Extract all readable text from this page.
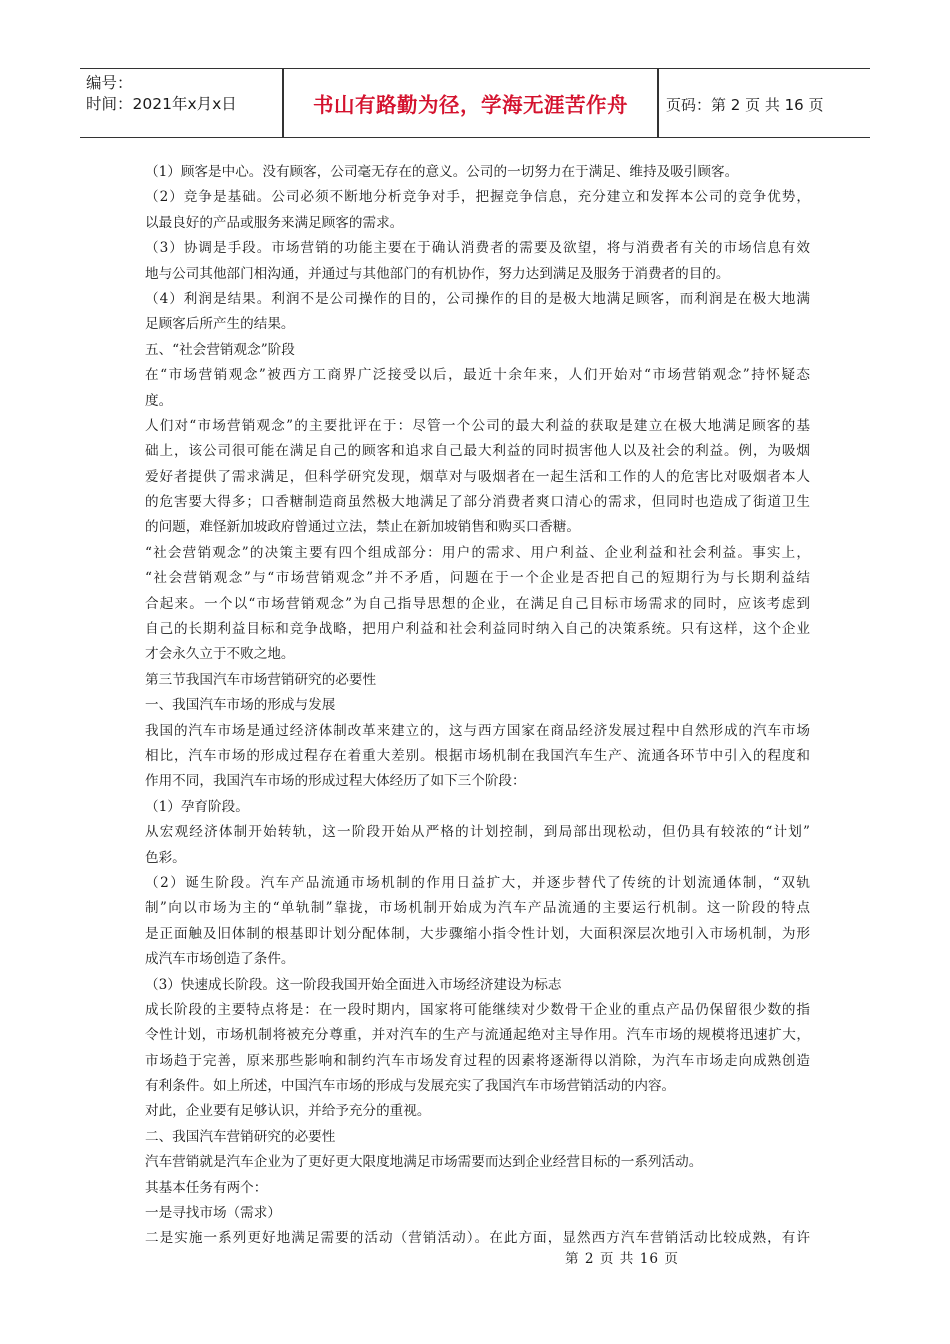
编号：
时间：2021年x月x日	书山有路勤为径，学海无涯苦作舟	页码：第 2 页 共 16 页
（1）顾客是中心。没有顾客，公司毫无存在的意义。公司的一切努力在于满足、维持及吸引顾客。
（2）竞争是基础。公司必须不断地分析竞争对手，把握竞争信息，充分建立和发挥本公司的竞争优势，
以最良好的产品或服务来满足顾客的需求。
（3）协调是手段。市场营销的功能主要在于确认消费者的需要及欲望，将与消费者有关的市场信息有效
地与公司其他部门相沟通，并通过与其他部门的有机协作，努力达到满足及服务于消费者的目的。
（4）利润是结果。利润不是公司操作的目的，公司操作的目的是极大地满足顾客，而利润是在极大地满
足顾客后所产生的结果。
五、“社会营销观念”阶段
在“市场营销观念”被西方工商界广泛接受以后，最近十余年来，人们开始对“市场营销观念”持怀疑态
度。
人们对“市场营销观念”的主要批评在于：尽管一个公司的最大利益的获取是建立在极大地满足顾客的基
础上，该公司很可能在满足自己的顾客和追求自己最大利益的同时损害他人以及社会的利益。例，为吸烟
爱好者提供了需求满足，但科学研究发现，烟草对与吸烟者在一起生活和工作的人的危害比对吸烟者本人
的危害要大得多；口香糖制造商虽然极大地满足了部分消费者爽口清心的需求，但同时也造成了街道卫生
的问题，难怪新加坡政府曾通过立法，禁止在新加坡销售和购买口香糖。
“社会营销观念”的决策主要有四个组成部分：用户的需求、用户利益、企业利益和社会利益。事实上，
“社会营销观念”与“市场营销观念”并不矛盾，问题在于一个企业是否把自己的短期行为与长期利益结
合起来。一个以“市场营销观念”为自己指导思想的企业，在满足自己目标市场需求的同时，应该考虑到
自己的长期利益目标和竞争战略，把用户利益和社会利益同时纳入自己的决策系统。只有这样，这个企业
才会永久立于不败之地。
第三节我国汽车市场营销研究的必要性
一、我国汽车市场的形成与发展
我国的汽车市场是通过经济体制改革来建立的，这与西方国家在商品经济发展过程中自然形成的汽车市场
相比，汽车市场的形成过程存在着重大差别。根据市场机制在我国汽车生产、流通各环节中引入的程度和
作用不同，我国汽车市场的形成过程大体经历了如下三个阶段：
（1）孕育阶段。
从宏观经济体制开始转轨，这一阶段开始从严格的计划控制，到局部出现松动，但仍具有较浓的“计划”
色彩。
（2）诞生阶段。汽车产品流通市场机制的作用日益扩大，并逐步替代了传统的计划流通体制，“双轨
制”向以市场为主的“单轨制”靠拢，市场机制开始成为汽车产品流通的主要运行机制。这一阶段的特点
是正面触及旧体制的根基即计划分配体制，大步骤缩小指令性计划，大面积深层次地引入市场机制，为形
成汽车市场创造了条件。
（3）快速成长阶段。这一阶段我国开始全面进入市场经济建设为标志
成长阶段的主要特点将是：在一段时期内，国家将可能继续对少数骨干企业的重点产品仍保留很少数的指
令性计划，市场机制将被充分尊重，并对汽车的生产与流通起绝对主导作用。汽车市场的规模将迅速扩大，
市场趋于完善，原来那些影响和制约汽车市场发育过程的因素将逐渐得以消除，为汽车市场走向成熟创造
有利条件。如上所述，中国汽车市场的形成与发展充实了我国汽车市场营销活动的内容。
对此，企业要有足够认识，并给予充分的重视。
二、我国汽车营销研究的必要性
汽车营销就是汽车企业为了更好更大限度地满足市场需要而达到企业经营目标的一系列活动。
其基本任务有两个：
一是寻找市场（需求）
二是实施一系列更好地满足需要的活动（营销活动）。在此方面，显然西方汽车营销活动比较成熟，有许
第 2 页 共 16 页
